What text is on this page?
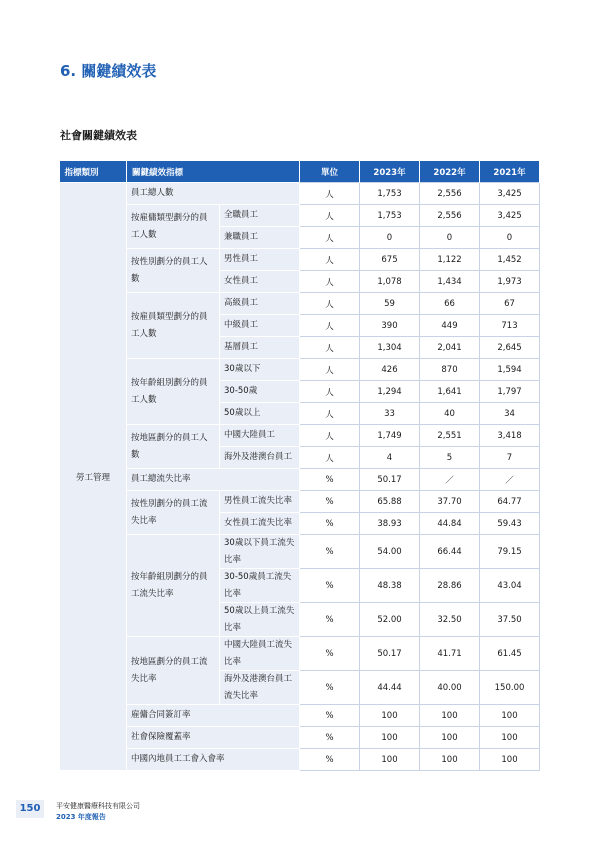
6. 關鍵績效表
社會關鍵績效表
指標類別	關鍵績效指標		單位	2023年	2022年	2021年
勞工管理	員工總人數		人	1,753	2,556	3,425
	按雇傭類型劃分的員工人數	全職員工	人	1,753	2,556	3,425
		兼職員工	人	0	0	0
	按性別劃分的員工人數	男性員工	人	675	1,122	1,452
		女性員工	人	1,078	1,434	1,973
	按雇員類型劃分的員工人數	高級員工	人	59	66	67
		中級員工	人	390	449	713
		基層員工	人	1,304	2,041	2,645
	按年齡組別劃分的員工人數	30歲以下	人	426	870	1,594
		30-50歲	人	1,294	1,641	1,797
		50歲以上	人	33	40	34
	按地區劃分的員工人數	中國大陸員工	人	1,749	2,551	3,418
		海外及港澳台員工	人	4	5	7
	員工總流失比率		%	50.17	／	／
	按性別劃分的員工流失比率	男性員工流失比率	%	65.88	37.70	64.77
		女性員工流失比率	%	38.93	44.84	59.43
	按年齡組別劃分的員工流失比率	30歲以下員工流失比率	%	54.00	66.44	79.15
		30-50歲員工流失比率	%	48.38	28.86	43.04
		50歲以上員工流失比率	%	52.00	32.50	37.50
	按地區劃分的員工流失比率	中國大陸員工流失比率	%	50.17	41.71	61.45
		海外及港澳台員工流失比率	%	44.44	40.00	150.00
	雇傭合同簽訂率		%	100	100	100
	社會保險覆蓋率		%	100	100	100
	中國內地員工工會入會率		%	100	100	100
150	平安健康醫療科技有限公司
2023 年度報告
